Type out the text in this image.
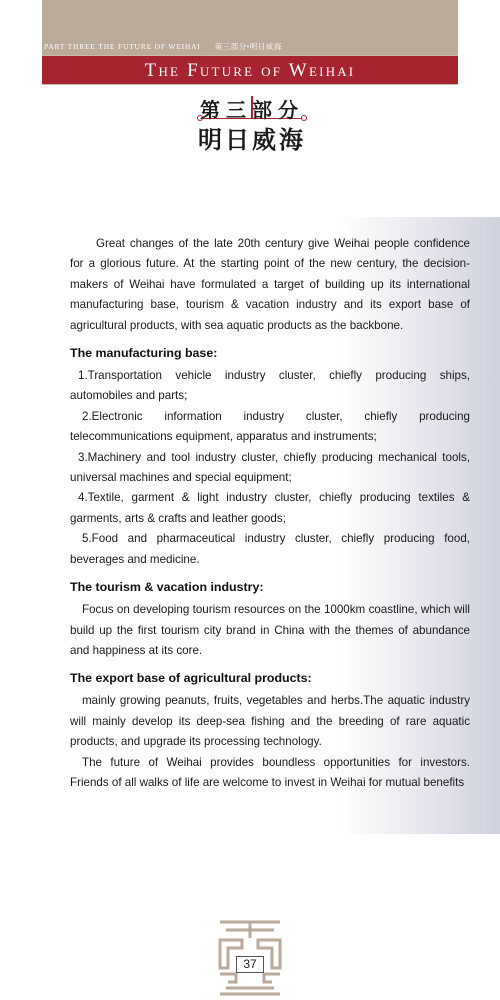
PART THREE THE FUTURE OF WEIHAI 第三部分•明日威海
The Future of Weihai
第三部分
明日威海

Great changes of the late 20th century give Weihai people confidence for a glorious future. At the starting point of the new century, the decision-makers of Weihai have formulated a target of building up its international manufacturing base, tourism & vacation industry and its export base of agricultural products, with sea aquatic products as the backbone.

The manufacturing base:

1.Transportation vehicle industry cluster, chiefly producing ships, automobiles and parts;

2.Electronic information industry cluster, chiefly producing telecommunications equipment, apparatus and instruments;

3.Machinery and tool industry cluster, chiefly producing mechanical tools, universal machines and special equipment;

4.Textile, garment & light industry cluster, chiefly producing textiles & garments, arts & crafts and leather goods;

5.Food and pharmaceutical industry cluster, chiefly producing food, beverages and medicine.

The tourism & vacation industry:

Focus on developing tourism resources on the 1000km coastline, which will build up the first tourism city brand in China with the themes of abundance and happiness at its core.

The export base of agricultural products:

mainly growing peanuts, fruits, vegetables and herbs.The aquatic industry will mainly develop its deep-sea fishing and the breeding of rare aquatic products, and upgrade its processing technology.

The future of Weihai provides boundless opportunities for investors. Friends of all walks of life are welcome to invest in Weihai for mutual benefits

37
